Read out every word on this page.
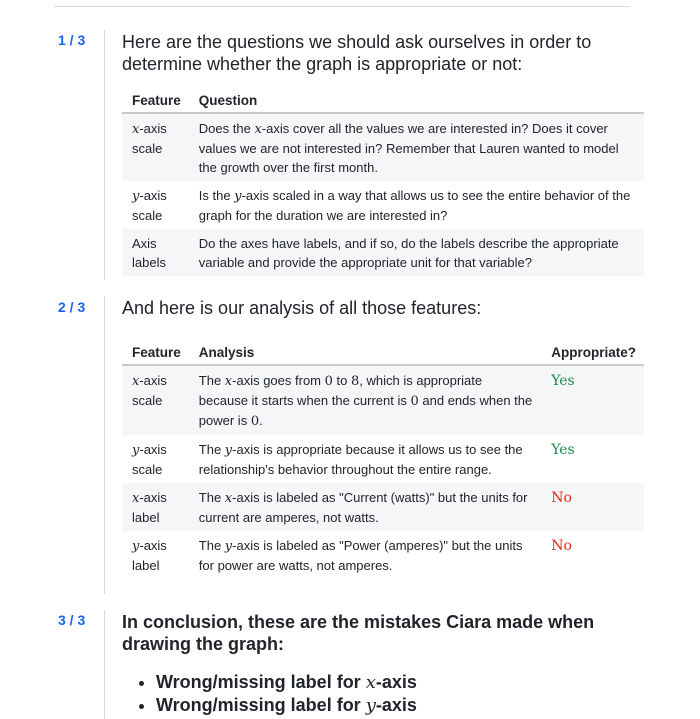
1 / 3	Here are the questions we should ask ourselves in order to determine whether the graph is appropriate or not:

Feature	Question
x-axis scale	Does the x-axis cover all the values we are interested in? Does it cover values we are not interested in? Remember that Lauren wanted to model the growth over the first month.
y-axis scale	Is the y-axis scaled in a way that allows us to see the entire behavior of the graph for the duration we are interested in?
Axis labels	Do the axes have labels, and if so, do the labels describe the appropriate variable and provide the appropriate unit for that variable?
2 / 3	And here is our analysis of all those features:

Feature	Analysis	Appropriate?
x-axis scale	The x-axis goes from 0 to 8, which is appropriate because it starts when the current is 0 and ends when the power is 0.	Yes
y-axis scale	The y-axis is appropriate because it allows us to see the relationship's behavior throughout the entire range.	Yes
x-axis label	The x-axis is labeled as "Current (watts)" but the units for current are amperes, not watts.	No
y-axis label	The y-axis is labeled as "Power (amperes)" but the units for power are watts, not amperes.	No
3 / 3	In conclusion, these are the mistakes Ciara made when drawing the graph:

• Wrong/missing label for x-axis
• Wrong/missing label for y-axis
